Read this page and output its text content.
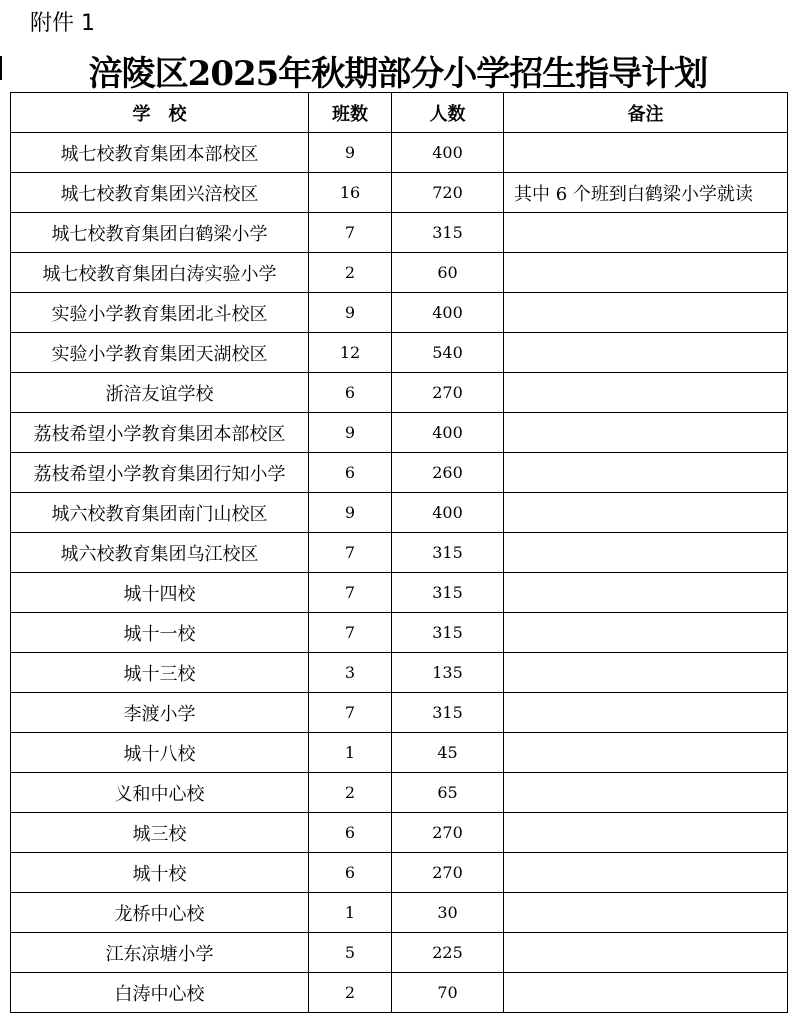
附件 1
涪陵区2025年秋期部分小学招生指导计划
学　校	班数	人数	备注
城七校教育集团本部校区	9	400	
城七校教育集团兴涪校区	16	720	其中 6 个班到白鹤梁小学就读
城七校教育集团白鹤梁小学	7	315	
城七校教育集团白涛实验小学	2	60	
实验小学教育集团北斗校区	9	400	
实验小学教育集团天湖校区	12	540	
浙涪友谊学校	6	270	
荔枝希望小学教育集团本部校区	9	400	
荔枝希望小学教育集团行知小学	6	260	
城六校教育集团南门山校区	9	400	
城六校教育集团乌江校区	7	315	
城十四校	7	315	
城十一校	7	315	
城十三校	3	135	
李渡小学	7	315	
城十八校	1	45	
义和中心校	2	65	
城三校	6	270	
城十校	6	270	
龙桥中心校	1	30	
江东凉塘小学	5	225	
白涛中心校	2	70	
